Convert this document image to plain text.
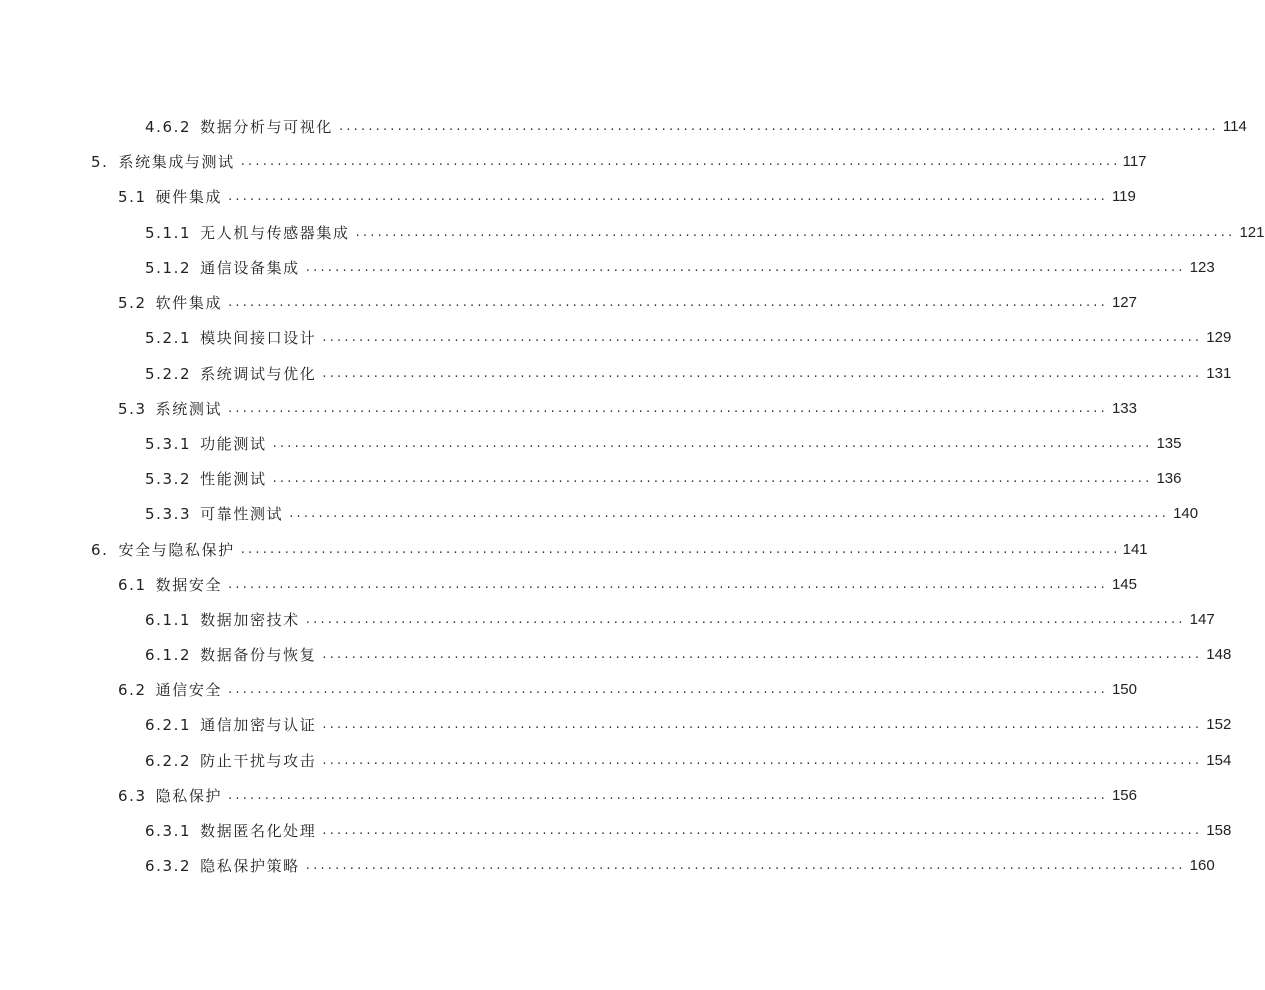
4.6.2 数据分析与可视化 ........................................................................................................................ 114
5. 系统集成与测试 ........................................................................................................................ 117
5.1 硬件集成 ........................................................................................................................ 119
5.1.1 无人机与传感器集成 ........................................................................................................................ 121
5.1.2 通信设备集成 ........................................................................................................................ 123
5.2 软件集成 ........................................................................................................................ 127
5.2.1 模块间接口设计 ........................................................................................................................ 129
5.2.2 系统调试与优化 ........................................................................................................................ 131
5.3 系统测试 ........................................................................................................................ 133
5.3.1 功能测试 ........................................................................................................................ 135
5.3.2 性能测试 ........................................................................................................................ 136
5.3.3 可靠性测试 ........................................................................................................................ 140
6. 安全与隐私保护 ........................................................................................................................ 141
6.1 数据安全 ........................................................................................................................ 145
6.1.1 数据加密技术 ........................................................................................................................ 147
6.1.2 数据备份与恢复 ........................................................................................................................ 148
6.2 通信安全 ........................................................................................................................ 150
6.2.1 通信加密与认证 ........................................................................................................................ 152
6.2.2 防止干扰与攻击 ........................................................................................................................ 154
6.3 隐私保护 ........................................................................................................................ 156
6.3.1 数据匿名化处理 ........................................................................................................................ 158
6.3.2 隐私保护策略 ........................................................................................................................ 160
